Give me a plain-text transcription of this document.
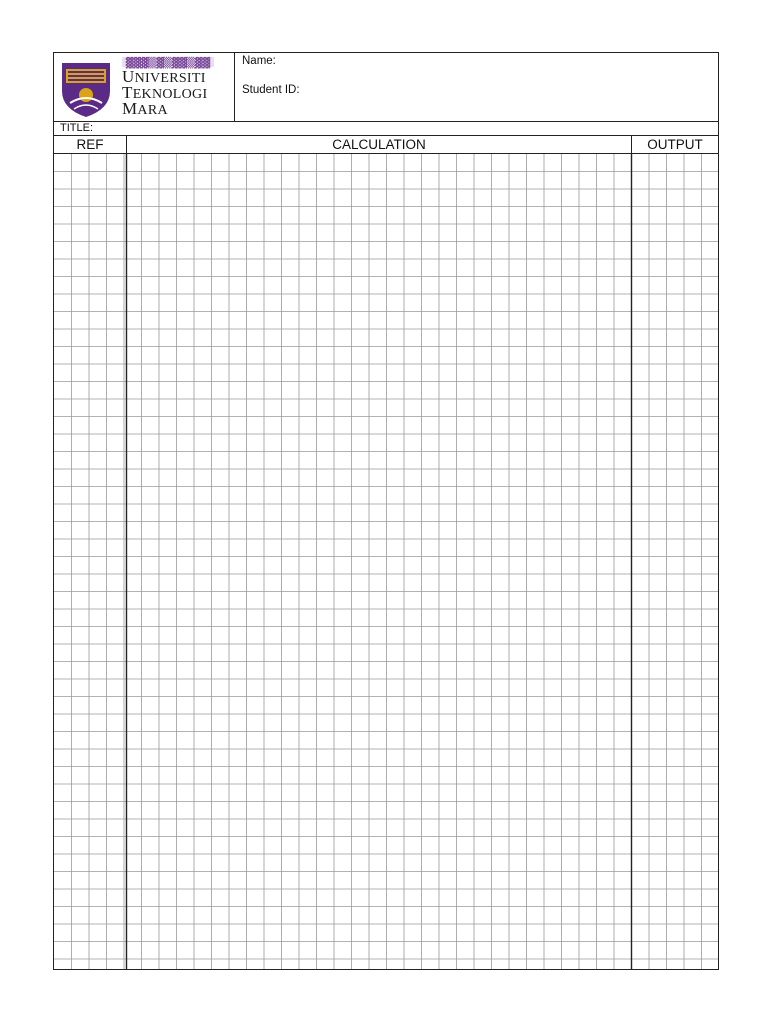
▓▓▓▒▓▒▓▓▒▓▓
UNIVERSITI
TEKNOLOGI
MARA
Name:
Student ID:
TITLE:
REF	CALCULATION	OUTPUT
